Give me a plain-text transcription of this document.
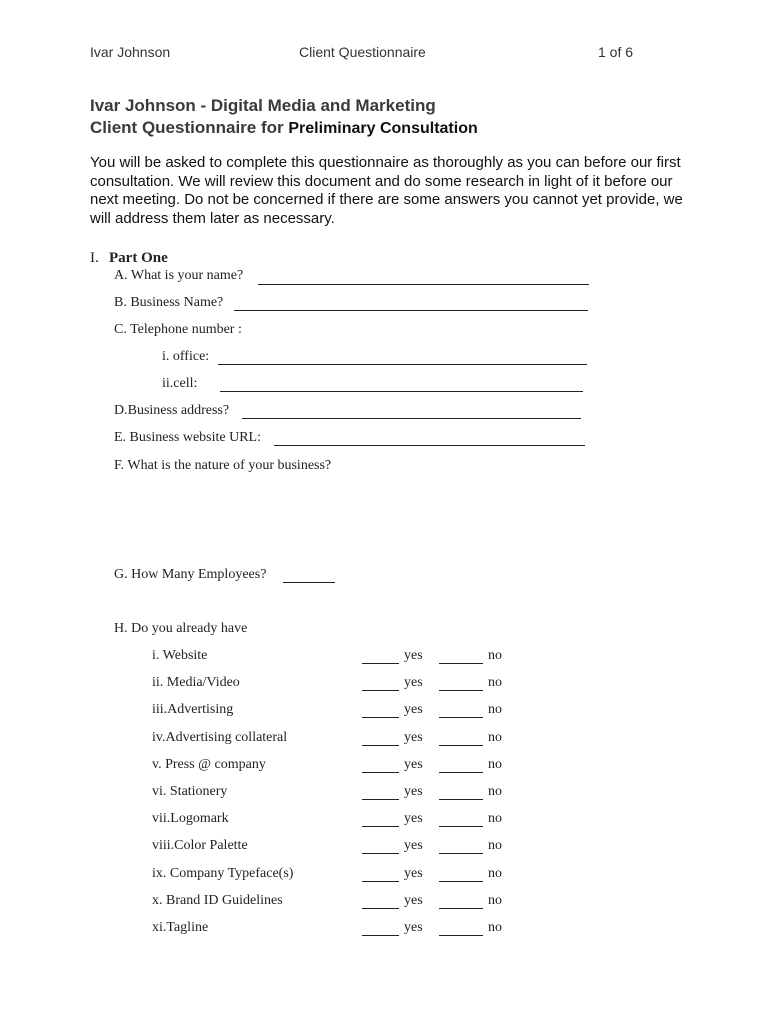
Ivar Johnson	Client Questionnaire	1 of 6
Ivar Johnson - Digital Media and Marketing
Client Questionnaire for Preliminary Consultation

You will be asked to complete this questionnaire as thoroughly as you can before our first

consultation. We will review this document and do some research in light of it before our

next meeting. Do not be concerned if there are some answers you cannot yet provide, we

will address them later as necessary.

I. Part One
A. What is your name?
B. Business Name?
C. Telephone number :
i. office:
ii.cell:
D.Business address?
E. Business website URL:
F. What is the nature of your business?
G. How Many Employees?
H. Do you already have
i. Website	yes	no
ii. Media/Video	yes	no
iii.Advertising	yes	no
iv.Advertising collateral	yes	no
v. Press @ company	yes	no
vi. Stationery	yes	no
vii.Logomark	yes	no
viii.Color Palette	yes	no
ix. Company Typeface(s)	yes	no
x. Brand ID Guidelines	yes	no
xi.Tagline	yes	no
